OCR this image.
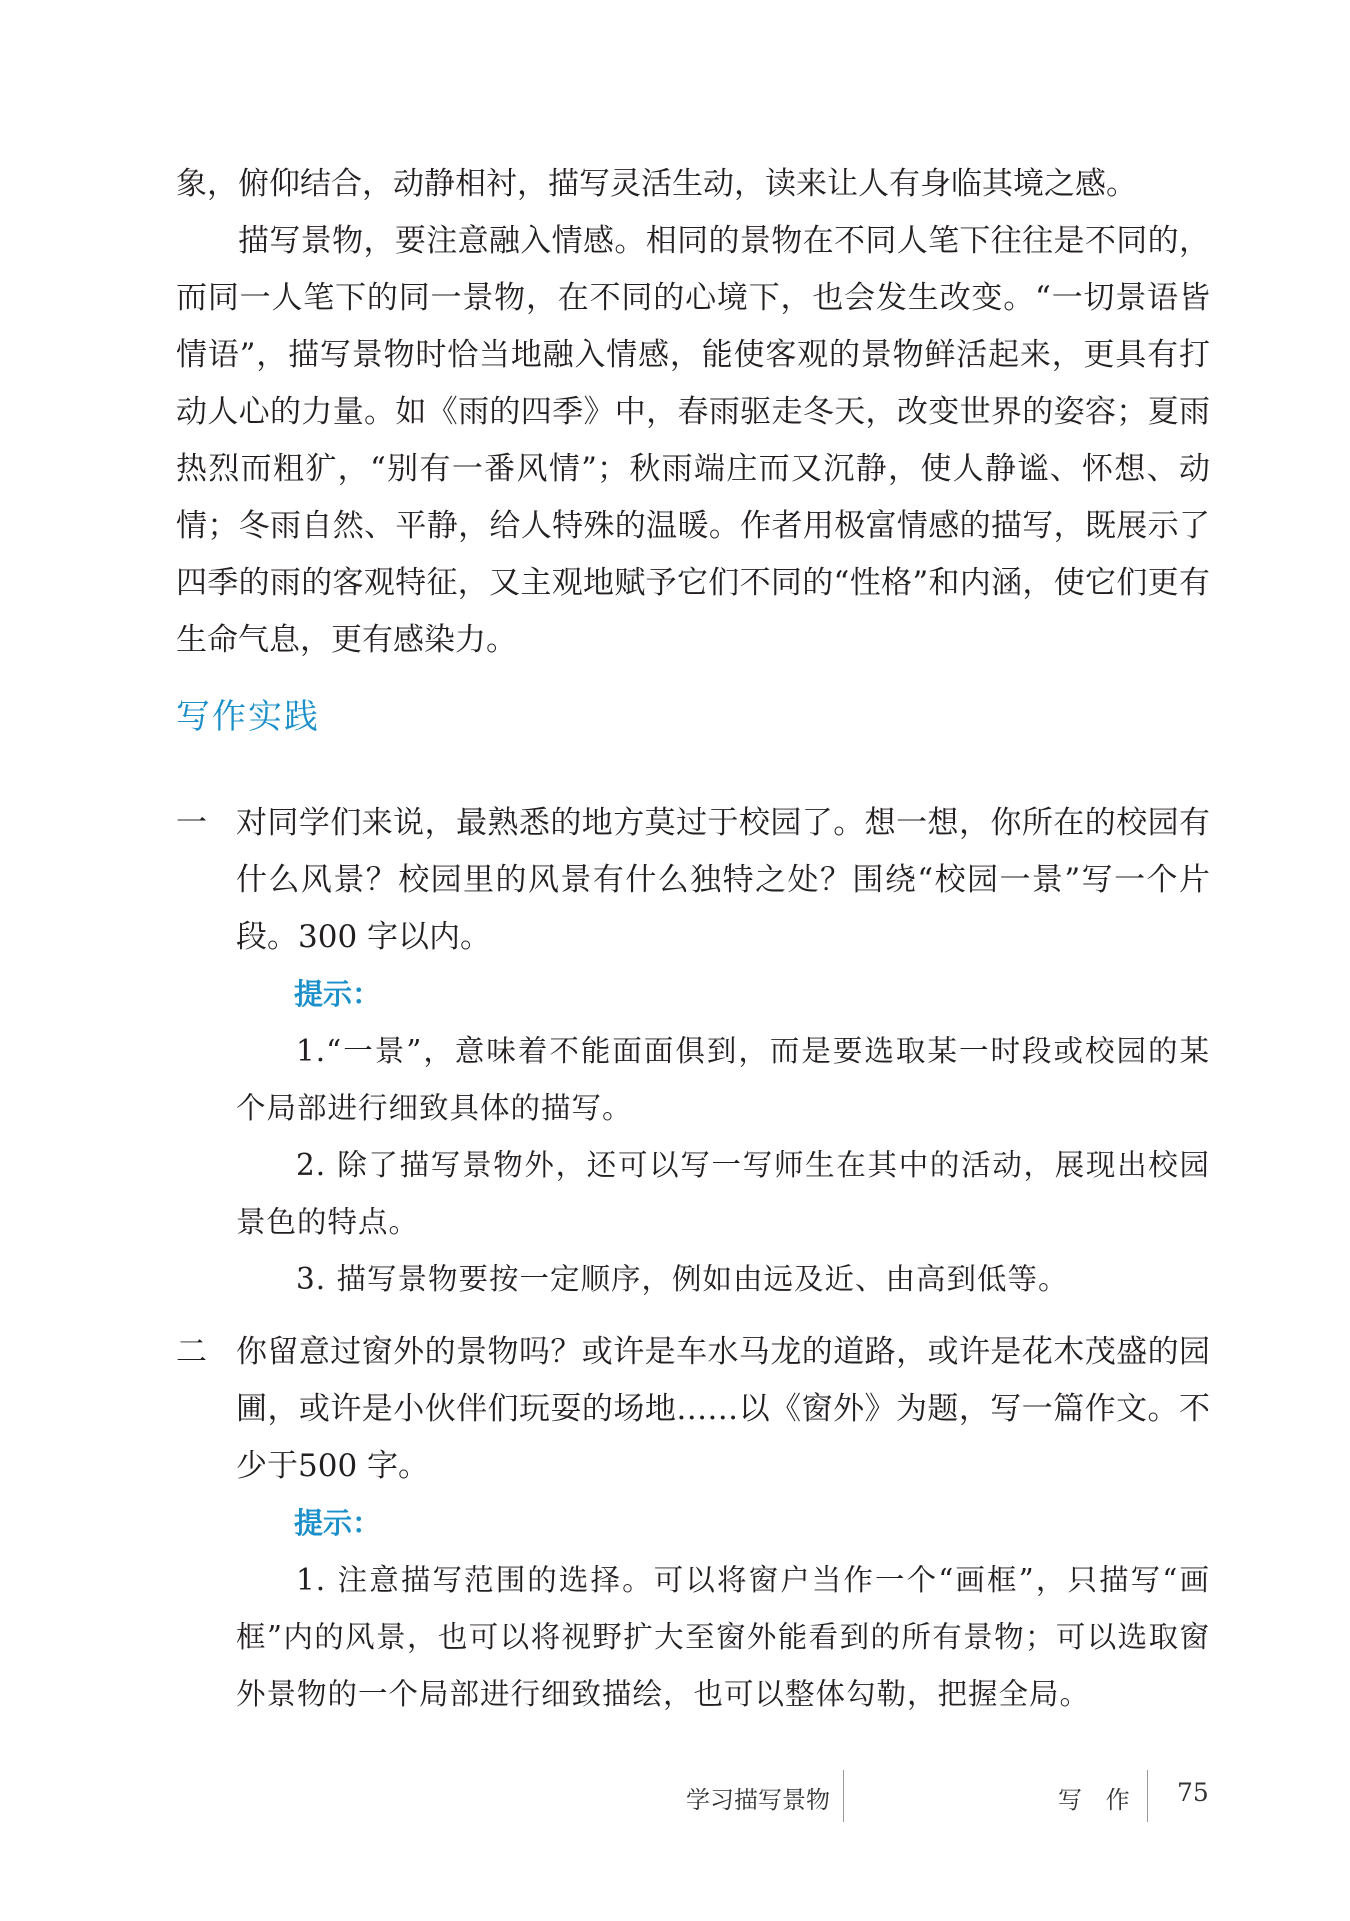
象，俯仰结合，动静相衬，描写灵活生动，读来让人有身临其境之感。

描写景物，要注意融入情感。相同的景物在不同人笔下往往是不同的，而同一人笔下的同一景物，在不同的心境下，也会发生改变。“一切景语皆情语”，描写景物时恰当地融入情感，能使客观的景物鲜活起来，更具有打动人心的力量。如《雨的四季》中，春雨驱走冬天，改变世界的姿容；夏雨热烈而粗犷，“别有一番风情”；秋雨端庄而又沉静，使人静谧、怀想、动情；冬雨自然、平静，给人特殊的温暖。作者用极富情感的描写，既展示了四季的雨的客观特征，又主观地赋予它们不同的“性格”和内涵，使它们更有生命气息，更有感染力。

写作实践
一 对同学们来说，最熟悉的地方莫过于校园了。想一想，你所在的校园有什么风景？校园里的风景有什么独特之处？围绕“校园一景”写一个片段。300 字以内。
提示：
1.“一景”，意味着不能面面俱到，而是要选取某一时段或校园的某个局部进行细致具体的描写。
2. 除了描写景物外，还可以写一写师生在其中的活动，展现出校园景色的特点。
3. 描写景物要按一定顺序，例如由远及近、由高到低等。
二 你留意过窗外的景物吗？或许是车水马龙的道路，或许是花木茂盛的园圃，或许是小伙伴们玩耍的场地……以《窗外》为题，写一篇作文。不少于500 字。
提示：
1. 注意描写范围的选择。可以将窗户当作一个“画框”，只描写“画框”内的风景，也可以将视野扩大至窗外能看到的所有景物；可以选取窗外景物的一个局部进行细致描绘，也可以整体勾勒，把握全局。
学习描写景物	写 作 75
